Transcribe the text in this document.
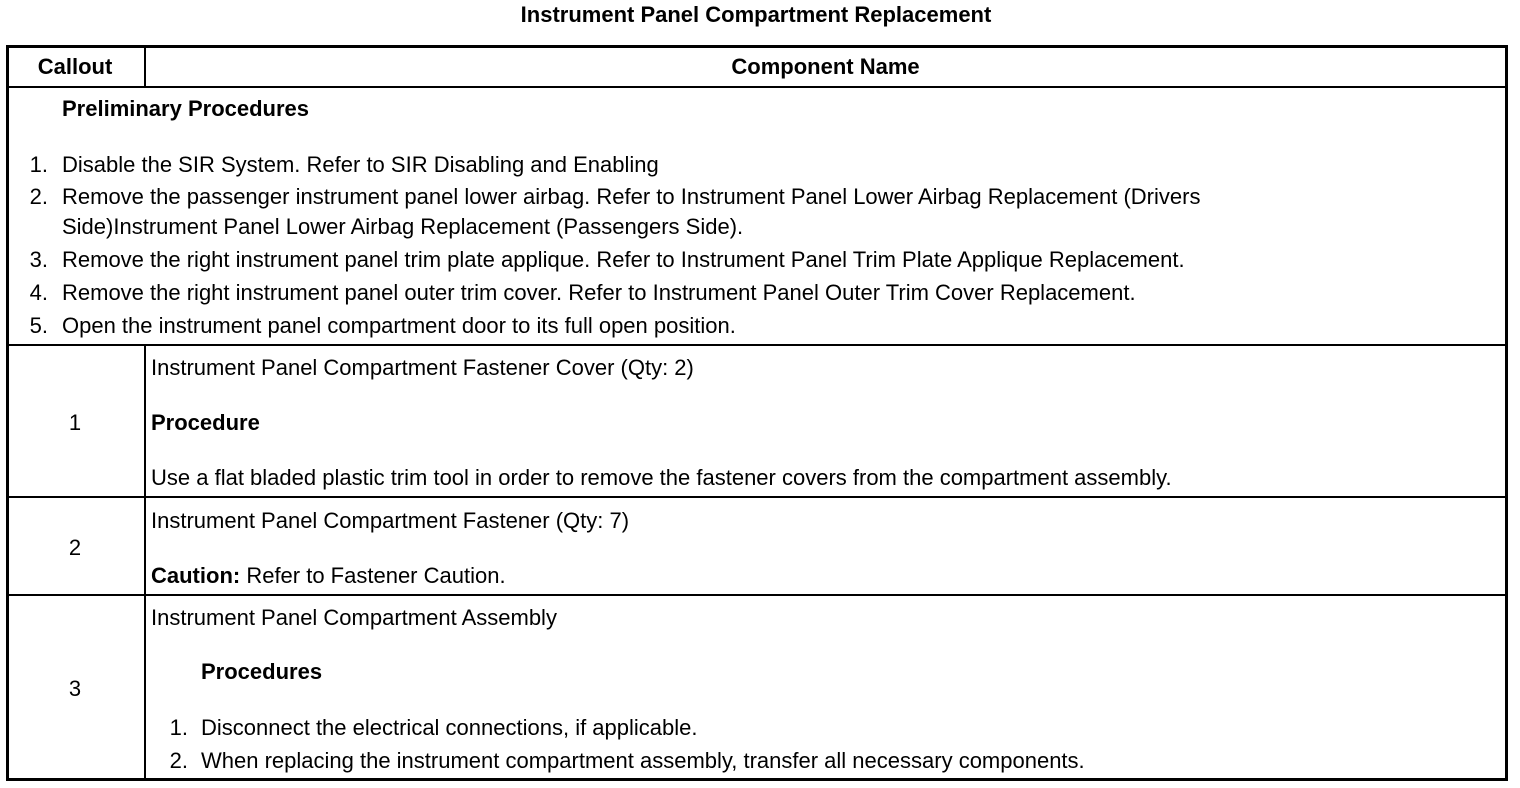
Instrument Panel Compartment Replacement
Callout	Component Name
Preliminary Procedures
1. Disable the SIR System. Refer to SIR Disabling and Enabling
2. Remove the passenger instrument panel lower airbag. Refer to Instrument Panel Lower Airbag Replacement (Drivers
Side)Instrument Panel Lower Airbag Replacement (Passengers Side).
3. Remove the right instrument panel trim plate applique. Refer to Instrument Panel Trim Plate Applique Replacement.
4. Remove the right instrument panel outer trim cover. Refer to Instrument Panel Outer Trim Cover Replacement.
5. Open the instrument panel compartment door to its full open position.
1
Instrument Panel Compartment Fastener Cover (Qty: 2)
Procedure
Use a flat bladed plastic trim tool in order to remove the fastener covers from the compartment assembly.
2
Instrument Panel Compartment Fastener (Qty: 7)
Caution: Refer to Fastener Caution.
3
Instrument Panel Compartment Assembly
Procedures
1. Disconnect the electrical connections, if applicable.
2. When replacing the instrument compartment assembly, transfer all necessary components.
